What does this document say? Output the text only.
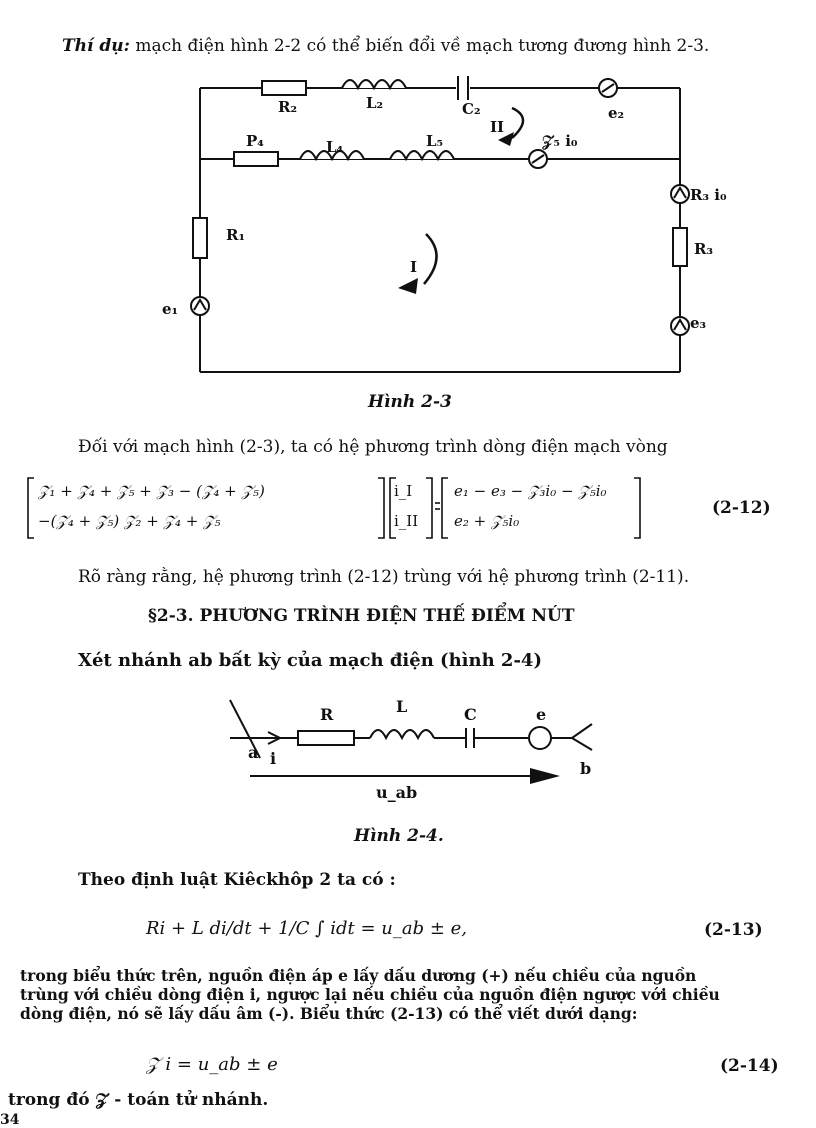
Thí dụ: mạch điện hình 2-2 có thể biến đổi về mạch tương đương hình 2-3.
R₂	L₂	C₂	e₂
P₄	L₄	L₅	𝒵₅ i₀
II
I
R₁
e₁
R₃ i₀
R₃
e₃
Hình 2-3
Đối với mạch hình (2-3), ta có hệ phương trình dòng điện mạch vòng
𝒵₁ + 𝒵₄ + 𝒵₅ + 𝒵₃ − (𝒵₄ + 𝒵₅)
−(𝒵₄ + 𝒵₅) 𝒵₂ + 𝒵₄ + 𝒵₅
i_I
i_II
e₁ − e₃ − 𝒵₃i₀ − 𝒵₅i₀
e₂ + 𝒵₅i₀
(2-12)
Rõ ràng rằng, hệ phương trình (2-12) trùng với hệ phương trình (2-11).
§2-3. PHƯƠNG TRÌNH ĐIỆN THẾ ĐIỂM NÚT
Xét nhánh ab bất kỳ của mạch điện (hình 2-4)
R	L	C	e
a i
b
u_ab
Hình 2-4.
Theo định luật Kiêckhôp 2 ta có :
Ri + L di/dt + 1/C ∫ idt = u_ab ± e,	(2-13)
trong biểu thức trên, nguồn điện áp e lấy dấu dương (+) nếu chiều của nguồn
trùng với chiều dòng điện i, ngược lại nếu chiều của nguồn điện ngược với chiều
dòng điện, nó sẽ lấy dấu âm (-). Biểu thức (2-13) có thể viết dưới dạng:
𝒵 i = u_ab ± e	(2-14)
trong đó 𝒵 - toán tử nhánh.
34
